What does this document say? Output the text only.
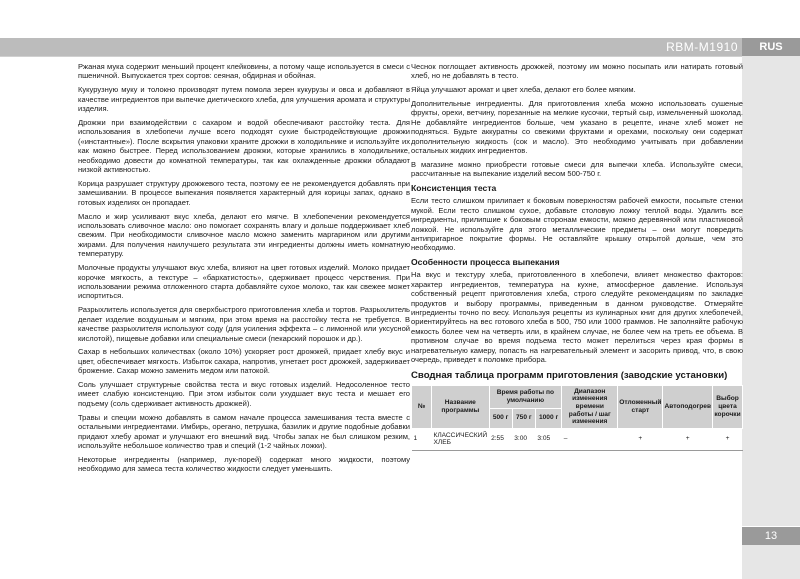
RBM-M1910	RUS
13

Ржаная мука содержит меньший процент клейковины, а потому чаще используется в смеси с пшеничной. Выпускается трех сортов: сеяная, обдирная и обойная.

Кукурузную муку и толокно производят путем помола зерен кукурузы и овса и добавляют в качестве ингредиентов при выпечке диетического хлеба, для улучшения аромата и структуры изделия.

Дрожжи при взаимодействии с сахаром и водой обеспечивают расстойку теста. Для использования в хлебопечи лучше всего подходят сухие быстродействующие дрожжи («инстантные»). После вскрытия упаковки храните дрожжи в холодильнике и используйте их как можно быстрее. Перед использованием дрожжи, которые хранились в холодильнике, необходимо довести до комнатной температуры, так как охлажденные дрожжи обладают низкой активностью.

Корица разрушает структуру дрожжевого теста, поэтому ее не рекомендуется добавлять при замешивании. В процессе выпекания появляется характерный для корицы запах, однако в готовых изделиях он пропадает.

Масло и жир усиливают вкус хлеба, делают его мягче. В хлебопечении рекомендуется использовать сливочное масло: оно помогает сохранять влагу и дольше поддерживает хлеб свежим. При необходимости сливочное масло можно заменить маргарином или другими жирами. Для получения наилучшего результата эти ингредиенты должны иметь комнатную температуру.

Молочные продукты улучшают вкус хлеба, влияют на цвет готовых изделий. Молоко придает корочке мягкость, а текстуре – «бархатистость», сдерживает процесс черствения. При использовании режима отложенного старта добавляйте сухое молоко, так как свежее может испортиться.

Разрыхлитель используется для сверхбыстрого приготовления хлеба и тортов. Разрыхлитель делает изделие воздушным и мягким, при этом время на расстойку теста не требуется. В качестве разрыхлителя используют соду (для усиления эффекта – с лимонной или уксусной кислотой), пищевые добавки или специальные смеси (пекарский порошок и др.).

Сахар в небольших количествах (около 10%) ускоряет рост дрожжей, придает хлебу вкус и цвет, обеспечивает мягкость. Избыток сахара, напротив, угнетает рост дрожжей, задерживает брожение. Сахар можно заменить медом или патокой.

Соль улучшает структурные свойства теста и вкус готовых изделий. Недосоленное тесто имеет слабую консистенцию. При этом избыток соли ухудшает вкус теста и мешает его подъему (соль сдерживает активность дрожжей).

Травы и специи можно добавлять в самом начале процесса замешивания теста вместе с остальными ингредиентами. Имбирь, орегано, петрушка, базилик и другие подобные добавки придают хлебу аромат и улучшают его внешний вид. Чтобы запах не был слишком резким, используйте небольшое количество трав и специй (1-2 чайных ложки).

Некоторые ингредиенты (например, лук-порей) содержат много жидкости, поэтому необходимо для замеса теста количество жидкости следует уменьшить.

Чеснок поглощает активность дрожжей, поэтому им можно посыпать или натирать готовый хлеб, но не добавлять в тесто.

Яйца улучшают аромат и цвет хлеба, делают его более мягким.

Дополнительные ингредиенты. Для приготовления хлеба можно использовать сушеные фрукты, орехи, ветчину, порезанные на мелкие кусочки, тертый сыр, измельченный шоколад. Не добавляйте ингредиентов больше, чем указано в рецепте, иначе хлеб может не подняться. Будьте аккуратны со свежими фруктами и орехами, поскольку они содержат дополнительную жидкость (сок и масло). Это необходимо учитывать при добавлении остальных жидких ингредиентов.

В магазине можно приобрести готовые смеси для выпечки хлеба. Используйте смеси, рассчитанные на выпекание изделий весом 500-750 г.

Консистенция теста

Если тесто слишком прилипает к боковым поверхностям рабочей емкости, посыпьте стенки мукой. Если тесто слишком сухое, добавьте столовую ложку теплой воды. Удалить все ингредиенты, прилипшие к боковым сторонам емкости, можно деревянной или пластиковой ложкой. Не используйте для этого металлические предметы – они могут повредить антипригарное покрытие формы. Не оставляйте крышку открытой дольше, чем это необходимо.

Особенности процесса выпекания

На вкус и текстуру хлеба, приготовленного в хлебопечи, влияет множество факторов: характер ингредиентов, температура на кухне, атмосферное давление. Используя собственный рецепт приготовления хлеба, строго следуйте рекомендациям по закладке продуктов и выбору программы, приведенным в данном руководстве. Отмеряйте ингредиенты точно по весу. Используя рецепты из кулинарных книг для других хлебопечей, ориентируйтесь на вес готового хлеба в 500, 750 или 1000 граммов. Не заполняйте рабочую емкость более чем на четверть или, в крайнем случае, не более чем на треть ее объема. В противном случае во время подъема тесто может перелиться через края формы в нагревательную камеру, попасть на нагревательный элемент и засорить привод, что, в свою очередь, приведет к поломке прибора.

Сводная таблица программ приготовления (заводские установки)
№	Название программы	Время работы по умолчанию			Диапазон изменения времени работы / шаг изменения	Отложенный старт	Автоподогрев	Выбор цвета корочки
		500 г	750 г	1000 г				
1	КЛАССИЧЕСКИЙ ХЛЕБ	2:55	3:00	3:05	–	+	+	+
